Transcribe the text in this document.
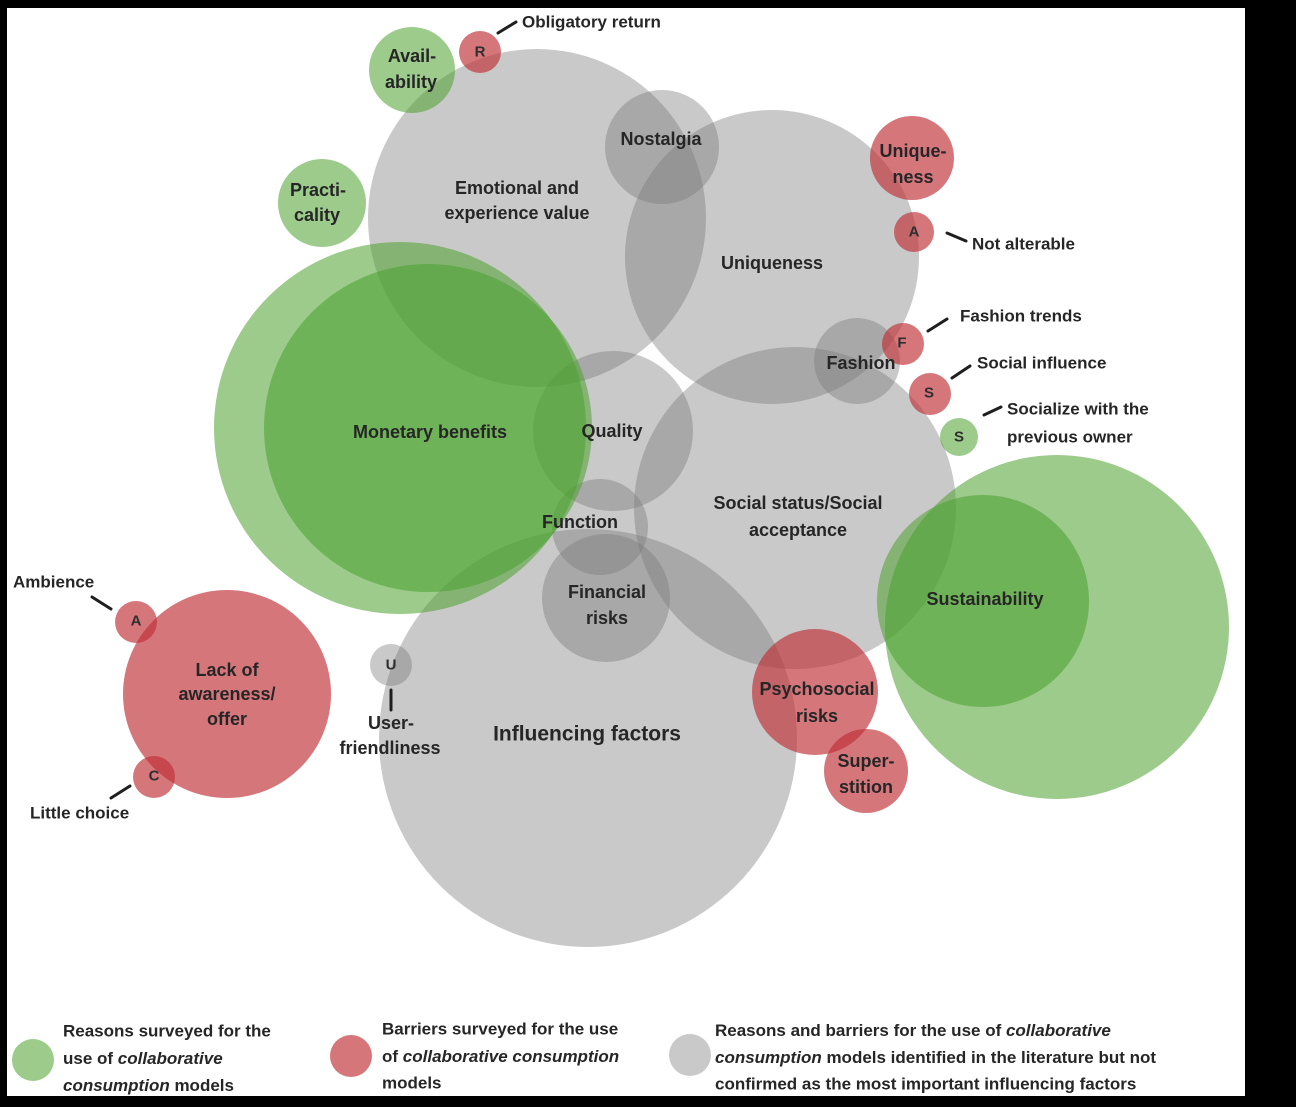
Avail-
ability
Practi-
cality
Emotional and
experience value
Nostalgia
Uniqueness
Unique-
ness
Fashion
Monetary benefits	Quality
Social status/Social
acceptance
Function
Financial
risks
Sustainability
Influencing factors
Lack of
awareness/
offer
Psychosocial
risks
Super-
stition
User-
friendliness
R
A
F
S
S
A
C
U
Obligatory return
Not alterable
Fashion trends
Social influence
Socialize with the
previous owner
Ambience
Little choice
Reasons surveyed for the
use of collaborative
consumption models
Barriers surveyed for the use
of collaborative consumption
models
Reasons and barriers for the use of collaborative
consumption models identified in the literature but not
confirmed as the most important influencing factors
